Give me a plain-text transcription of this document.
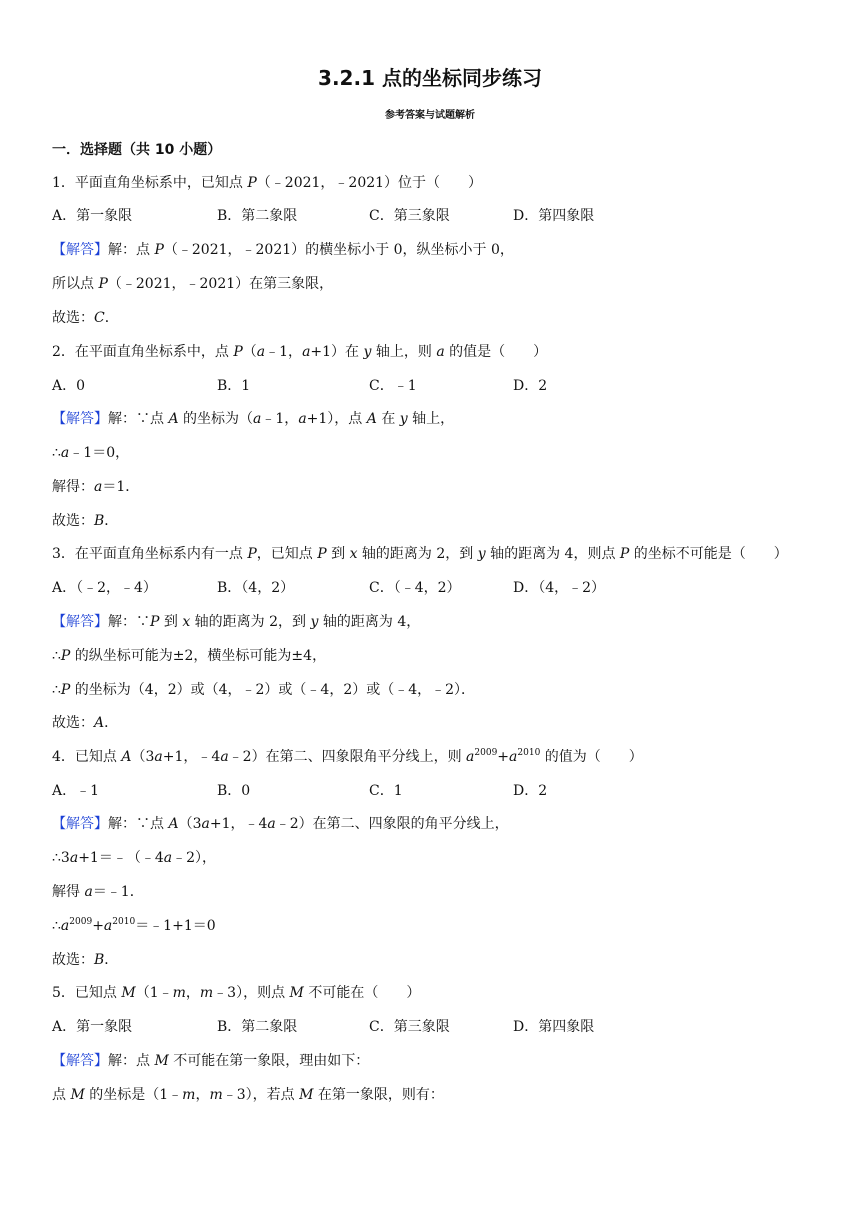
3.2.1 点的坐标同步练习
参考答案与试题解析
一．选择题（共 10 小题）
1．平面直角坐标系中，已知点 P（﹣2021，﹣2021）位于（　　）
A．第一象限	B．第二象限	C．第三象限	D．第四象限
【解答】解：点 P（﹣2021，﹣2021）的横坐标小于 0，纵坐标小于 0，
所以点 P（﹣2021，﹣2021）在第三象限，
故选：C．
2．在平面直角坐标系中，点 P（a﹣1，a+1）在 y 轴上，则 a 的值是（　　）
A．0	B．1	C．﹣1	D．2
【解答】解：∵点 A 的坐标为（a﹣1，a+1），点 A 在 y 轴上，
∴a﹣1＝0，
解得：a＝1．
故选：B．
3．在平面直角坐标系内有一点 P，已知点 P 到 x 轴的距离为 2，到 y 轴的距离为 4，则点 P 的坐标不可能是（　　）
A．（﹣2，﹣4）	B．（4，2）	C．（﹣4，2）	D．（4，﹣2）
【解答】解：∵P 到 x 轴的距离为 2，到 y 轴的距离为 4，
∴P 的纵坐标可能为±2，横坐标可能为±4，
∴P 的坐标为（4，2）或（4，﹣2）或（﹣4，2）或（﹣4，﹣2）．
故选：A．
4．已知点 A（3a+1，﹣4a﹣2）在第二、四象限角平分线上，则 $a^{2009}+a^{2010}$ 的值为（　　）
A．﹣1	B．0	C．1	D．2
【解答】解：∵点 A（3a+1，﹣4a﹣2）在第二、四象限的角平分线上，
∴3a+1＝﹣（﹣4a﹣2），
解得 a＝﹣1．
$\therefore a^{2009}+a^{2010}=﹣1+1=0$
故选：B．
5．已知点 M（1﹣m，m﹣3），则点 M 不可能在（　　）
A．第一象限	B．第二象限	C．第三象限	D．第四象限
【解答】解：点 M 不可能在第一象限，理由如下：
点 M 的坐标是（1﹣m，m﹣3），若点 M 在第一象限，则有：
